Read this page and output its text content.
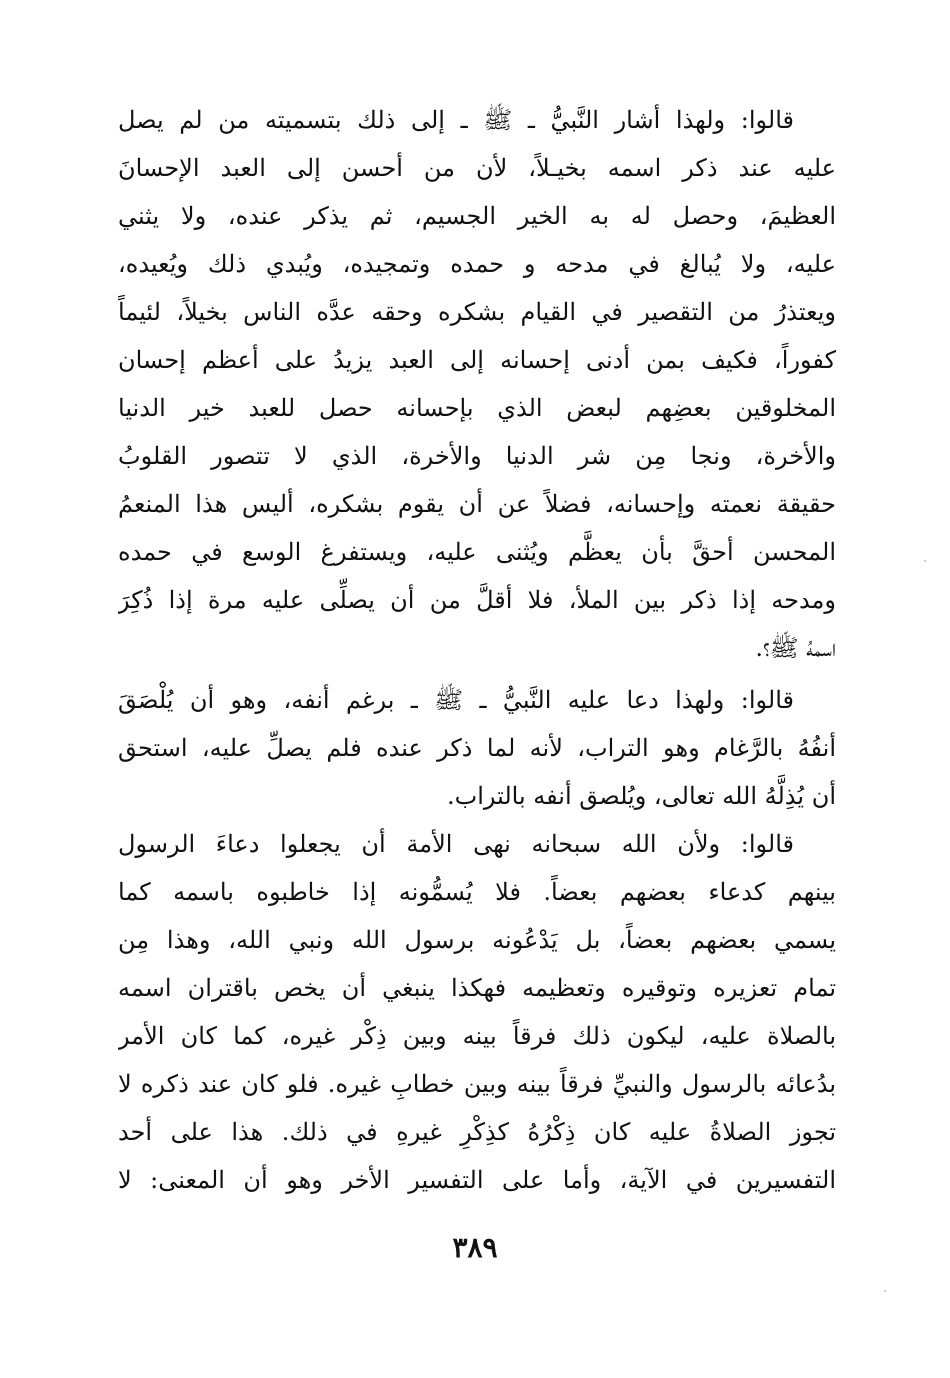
قالوا: ولهذا أشار النَّبيُّ ـ ﷺ ـ إلى ذلك بتسميته من لم يصل
عليه عند ذكر اسمه بخيـلاً، لأن من أحسن إلى العبد الإحسانَ
العظيمَ، وحصل له به الخير الجسيم، ثم يذكر عنده، ولا يثني
عليه، ولا يُبالغ في مدحه و حمده وتمجيده، ويُبدي ذلك ويُعيده،
ويعتذرُ من التقصير في القيام بشكره وحقه عدَّه الناس بخيلاً، لئيماً
كفوراً، فكيف بمن أدنى إحسانه إلى العبد يزيدُ على أعظم إحسان
المخلوقين بعضِهم لبعض الذي بإحسانه حصل للعبد خير الدنيا
والأخرة، ونجا مِن شر الدنيا والأخرة، الذي لا تتصور القلوبُ
حقيقة نعمته وإحسانه، فضلاً عن أن يقوم بشكره، أليس هذا المنعمُ
المحسن أحقَّ بأن يعظَّم ويُثنى عليه، ويستفرغ الوسع في حمده
ومدحه إذا ذكر بين الملأ، فلا أقلَّ من أن يصلِّى عليه مرة إذا ذُكِرَ
اسمهُ ﷺ؟.
قالوا: ولهذا دعا عليه النَّبيُّ ـ ﷺ ـ برغم أنفه، وهو أن يُلْصَقَ
أنفُهُ بالرَّغام وهو التراب، لأنه لما ذكر عنده فلم يصلِّ عليه، استحق
أن يُذِلَّهُ الله تعالى، ويُلصق أنفه بالتراب.
قالوا: ولأن الله سبحانه نهى الأمة أن يجعلوا دعاءَ الرسول
بينهم كدعاء بعضهم بعضاً. فلا يُسمُّونه إذا خاطبوه باسمه كما
يسمي بعضهم بعضاً، بل يَدْعُونه برسول الله ونبي الله، وهذا مِن
تمام تعزيره وتوقيره وتعظيمه فهكذا ينبغي أن يخص باقتران اسمه
بالصلاة عليه، ليكون ذلك فرقاً بينه وبين ذِكْر غيره، كما كان الأمر
بدُعائه بالرسول والنبيِّ فرقاً بينه وبين خطابِ غيره. فلو كان عند ذكره لا
تجوز الصلاةُ عليه كان ذِكْرُهُ كذِكْرِ غيرهِ في ذلك. هذا على أحد
التفسيرين في الآية، وأما على التفسير الأخر وهو أن المعنى: لا
٣٨٩
